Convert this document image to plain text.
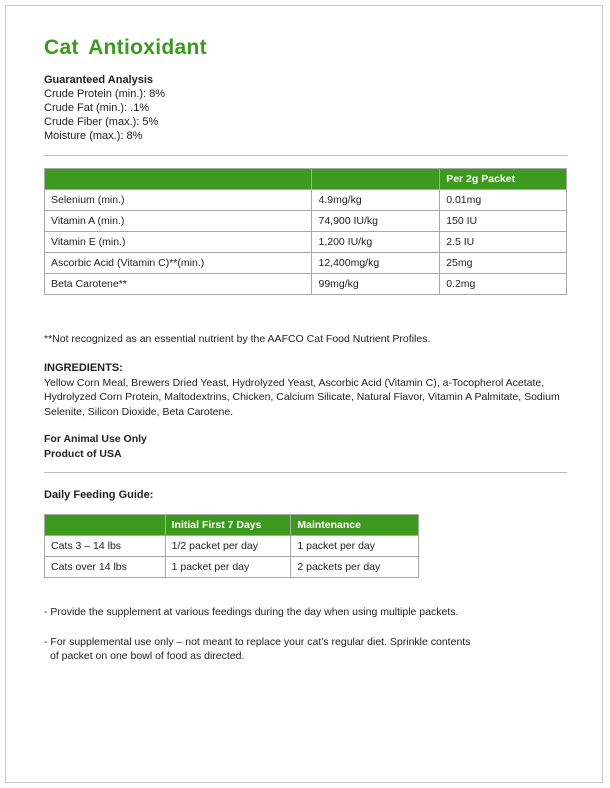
Cat Antioxidant
Guaranteed Analysis
Crude Protein (min.): 8%
Crude Fat (min.): .1%
Crude Fiber (max.): 5%
Moisture (max.): 8%
		Per 2g Packet
Selenium (min.)	4.9mg/kg	0.01mg
Vitamin A (min.)	74,900 IU/kg	150 IU
Vitamin E (min.)	1,200 IU/kg	2.5 IU
Ascorbic Acid (Vitamin C)**(min.)	12,400mg/kg	25mg
Beta Carotene**	99mg/kg	0.2mg
**Not recognized as an essential nutrient by the AAFCO Cat Food Nutrient Profiles.
INGREDIENTS:
Yellow Corn Meal, Brewers Dried Yeast, Hydrolyzed Yeast, Ascorbic Acid (Vitamin C), a-Tocopherol Acetate, Hydrolyzed Corn Protein, Maltodextrins, Chicken, Calcium Silicate, Natural Flavor, Vitamin A Palmitate, Sodium Selenite, Silicon Dioxide, Beta Carotene.
For Animal Use Only
Product of USA
Daily Feeding Guide:
	Initial First 7 Days	Maintenance
Cats 3 – 14 lbs	1/2 packet per day	1 packet per day
Cats over 14 lbs	1 packet per day	2 packets per day
- Provide the supplement at various feedings during the day when using multiple packets.
- For supplemental use only – not meant to replace your cat’s regular diet. Sprinkle contents
of packet on one bowl of food as directed.
